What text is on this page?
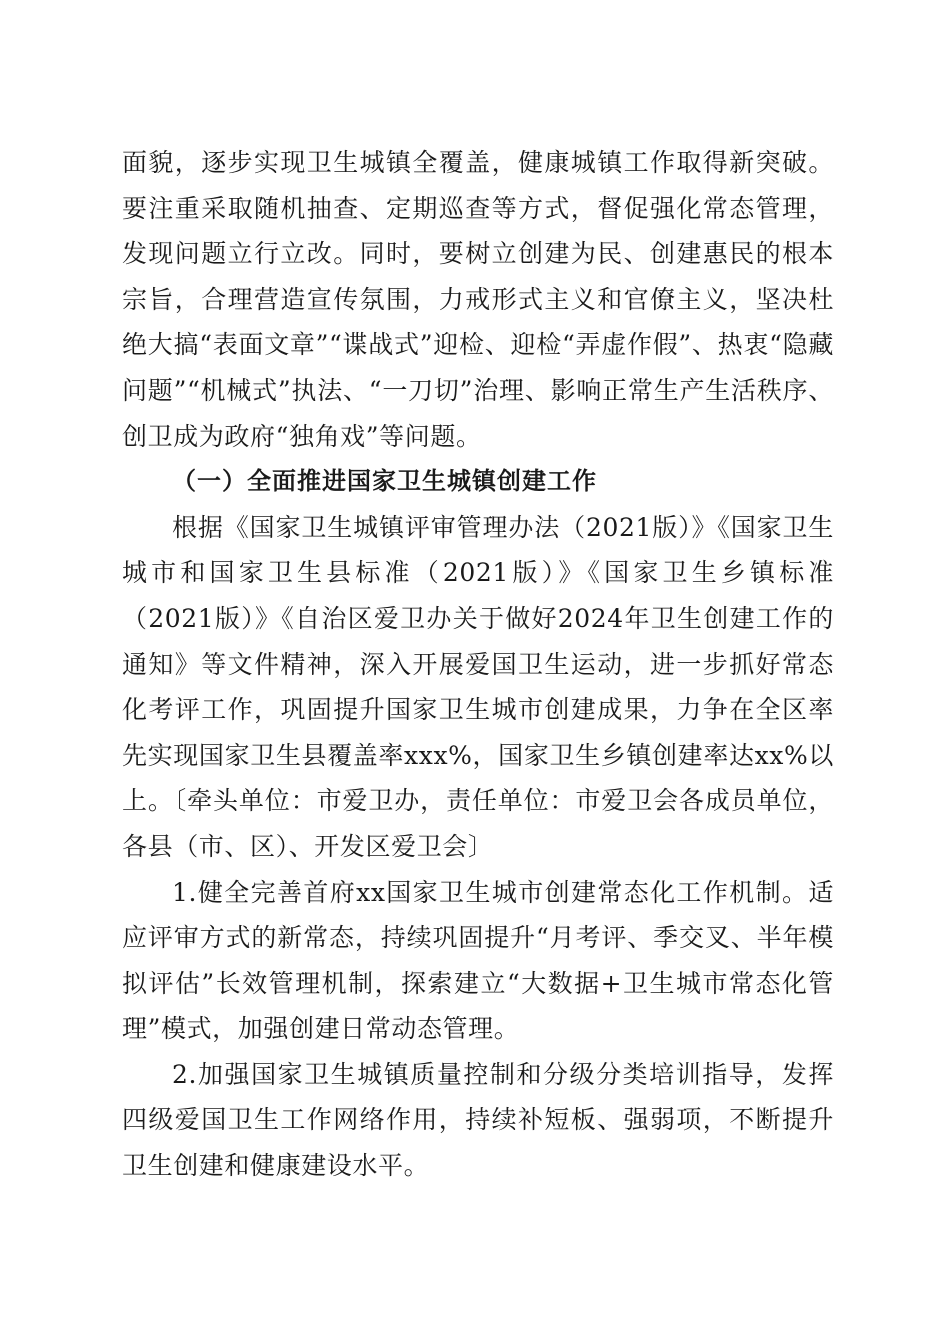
面貌，逐步实现卫生城镇全覆盖，健康城镇工作取得新突破。要注重采取随机抽查、定期巡查等方式，督促强化常态管理，发现问题立行立改。同时，要树立创建为民、创建惠民的根本宗旨，合理营造宣传氛围，力戒形式主义和官僚主义，坚决杜绝大搞“表面文章”“谍战式”迎检、迎检“弄虚作假”、热衷“隐藏问题”“机械式”执法、“一刀切”治理、影响正常生产生活秩序、创卫成为政府“独角戏”等问题。

（一）全面推进国家卫生城镇创建工作

根据《国家卫生城镇评审管理办法（2021版）》《国家卫生城市和国家卫生县标准（2021版）》《国家卫生乡镇标准（2021版）》《自治区爱卫办关于做好2024年卫生创建工作的通知》等文件精神，深入开展爱国卫生运动，进一步抓好常态化考评工作，巩固提升国家卫生城市创建成果，力争在全区率先实现国家卫生县覆盖率xxx%，国家卫生乡镇创建率达xx%以上。〔牵头单位：市爱卫办，责任单位：市爱卫会各成员单位，各县（市、区）、开发区爱卫会〕

1.健全完善首府xx国家卫生城市创建常态化工作机制。适应评审方式的新常态，持续巩固提升“月考评、季交叉、半年模拟评估”长效管理机制，探索建立“大数据+卫生城市常态化管理”模式，加强创建日常动态管理。

2.加强国家卫生城镇质量控制和分级分类培训指导，发挥四级爱国卫生工作网络作用，持续补短板、强弱项，不断提升卫生创建和健康建设水平。
